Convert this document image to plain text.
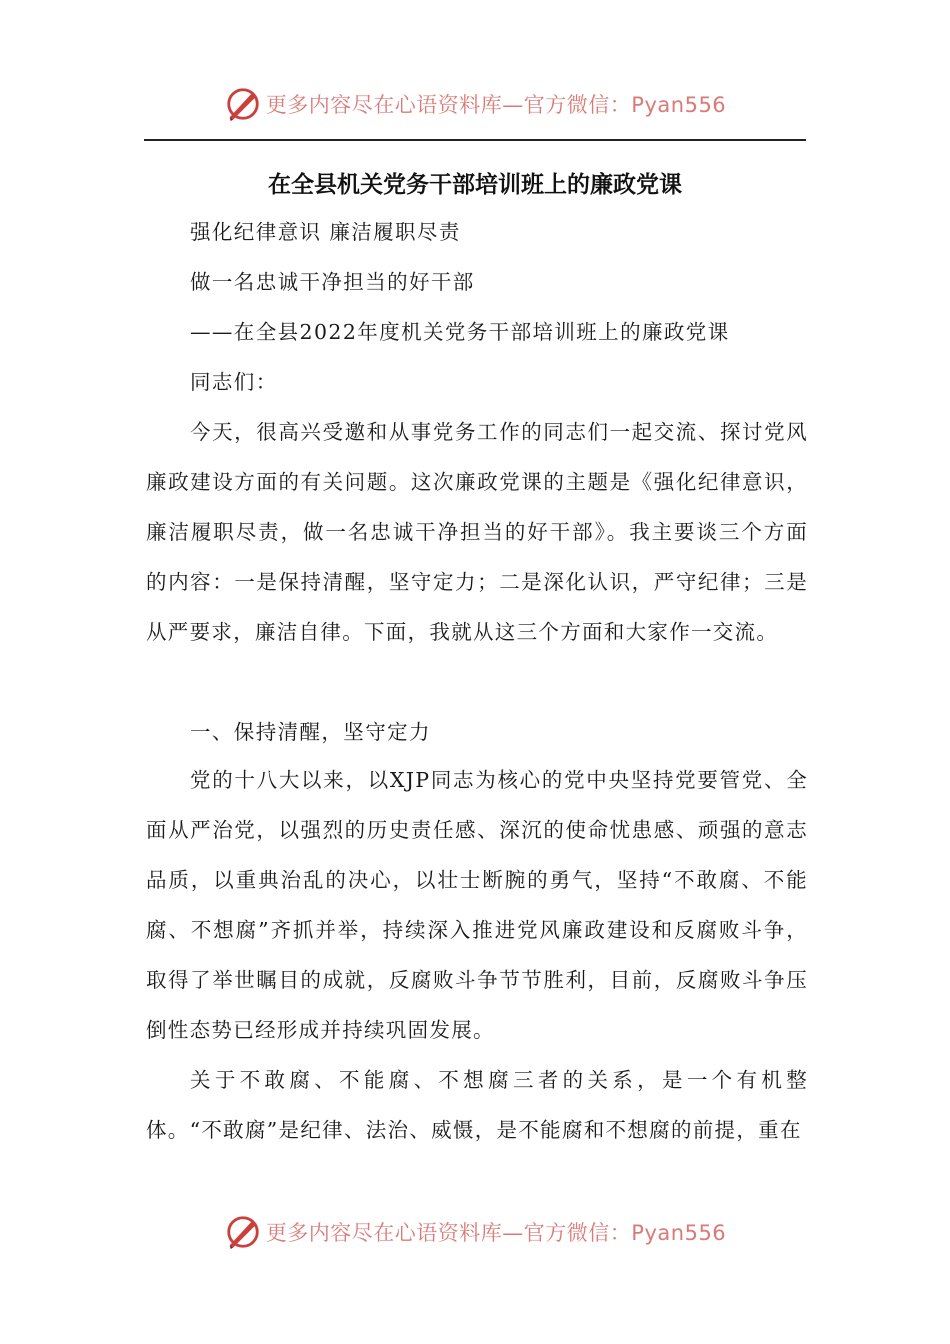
更多内容尽在心语资料库—官方微信：Pyan556
在全县机关党务干部培训班上的廉政党课
强化纪律意识 廉洁履职尽责
做一名忠诚干净担当的好干部
——在全县2022年度机关党务干部培训班上的廉政党课
同志们：
今天，很高兴受邀和从事党务工作的同志们一起交流、探讨党风廉政建设方面的有关问题。这次廉政党课的主题是《强化纪律意识，廉洁履职尽责，做一名忠诚干净担当的好干部》。我主要谈三个方面的内容：一是保持清醒，坚守定力；二是深化认识，严守纪律；三是从严要求，廉洁自律。下面，我就从这三个方面和大家作一交流。
一、保持清醒，坚守定力
党的十八大以来，以XJP同志为核心的党中央坚持党要管党、全面从严治党，以强烈的历史责任感、深沉的使命忧患感、顽强的意志品质，以重典治乱的决心，以壮士断腕的勇气，坚持“不敢腐、不能腐、不想腐”齐抓并举，持续深入推进党风廉政建设和反腐败斗争，取得了举世瞩目的成就，反腐败斗争节节胜利，目前，反腐败斗争压倒性态势已经形成并持续巩固发展。
关于不敢腐、不能腐、不想腐三者的关系，是一个有机整体。“不敢腐”是纪律、法治、威慑，是不能腐和不想腐的前提，重在
更多内容尽在心语资料库—官方微信：Pyan556
